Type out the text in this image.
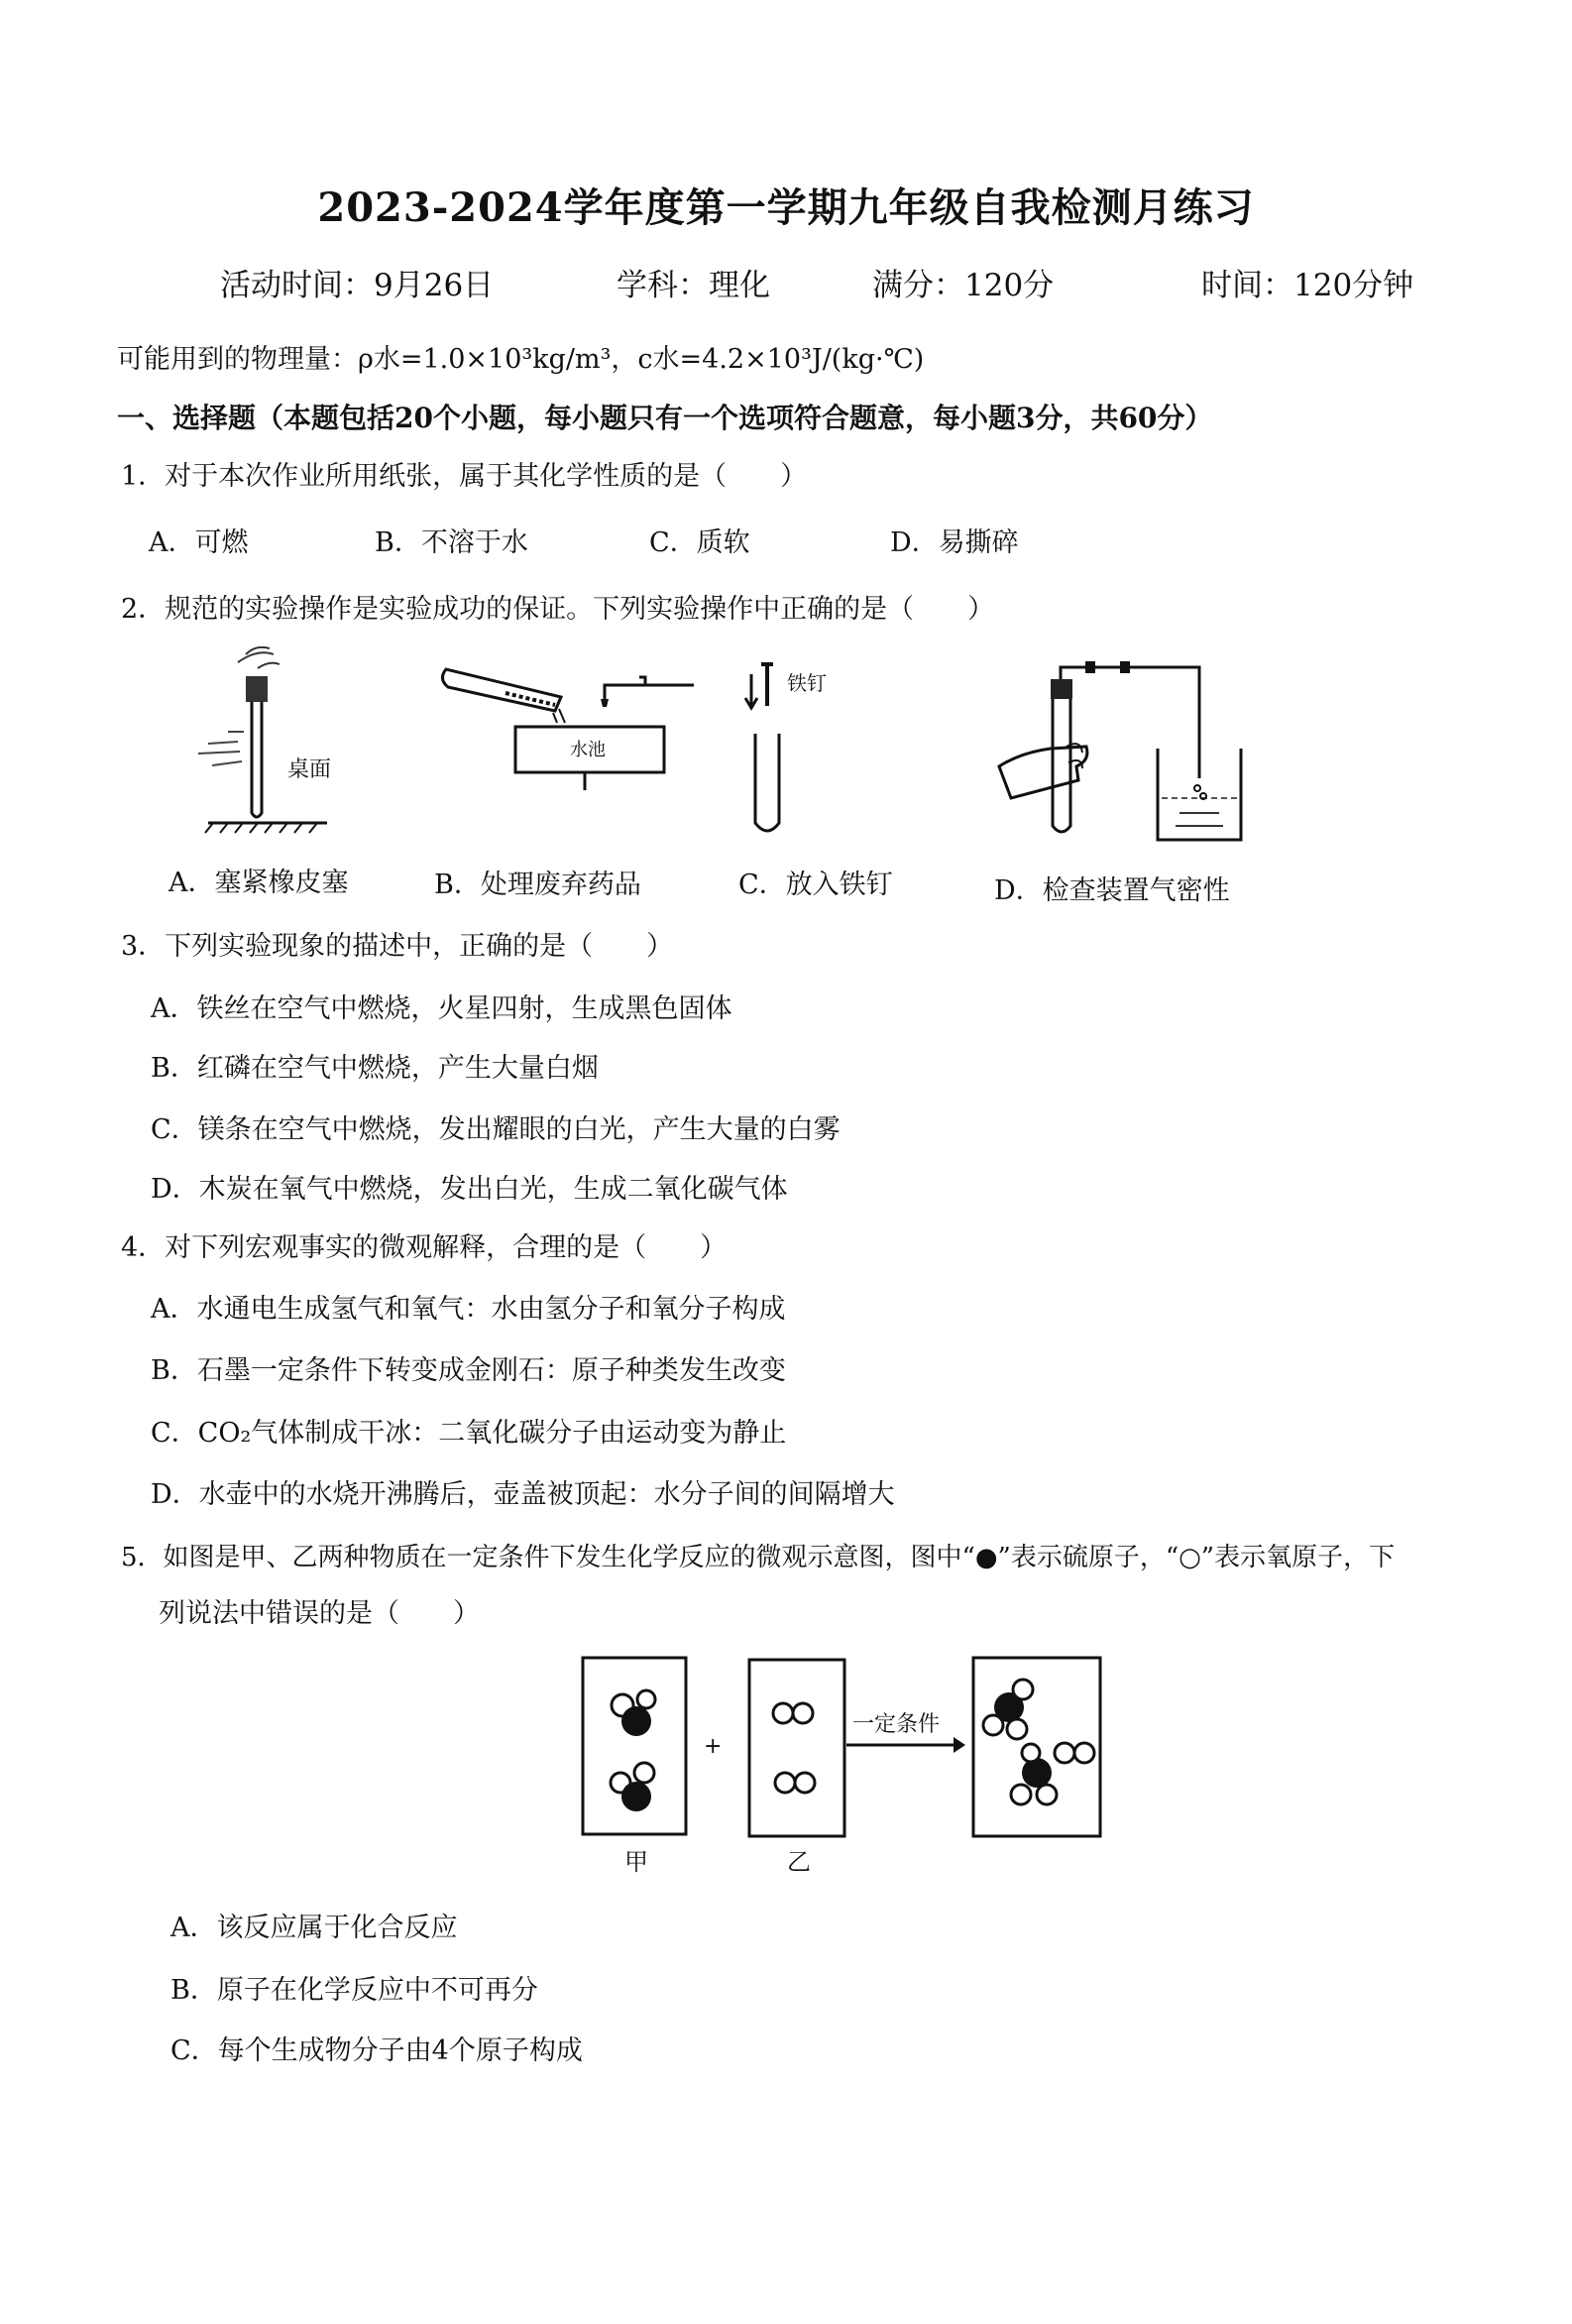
2023-2024学年度第一学期九年级自我检测月练习
活动时间：9月26日	学科：理化	满分：120分	时间：120分钟
可能用到的物理量：ρ水=1.0×10³kg/m³，c水=4.2×10³J/(kg·℃)
一、选择题（本题包括20个小题，每小题只有一个选项符合题意，每小题3分，共60分）
1．对于本次作业所用纸张，属于其化学性质的是（　　）
A．可燃	B．不溶于水	C．质软	D．易撕碎
2．规范的实验操作是实验成功的保证。下列实验操作中正确的是（　　）
桌面
水池
铁钉
A．塞紧橡皮塞	B．处理废弃药品	C．放入铁钉	D．检查装置气密性
3．下列实验现象的描述中，正确的是（　　）
A．铁丝在空气中燃烧，火星四射，生成黑色固体
B．红磷在空气中燃烧，产生大量白烟
C．镁条在空气中燃烧，发出耀眼的白光，产生大量的白雾
D．木炭在氧气中燃烧，发出白光，生成二氧化碳气体
4．对下列宏观事实的微观解释，合理的是（　　）
A．水通电生成氢气和氧气：水由氢分子和氧分子构成
B．石墨一定条件下转变成金刚石：原子种类发生改变
C．CO₂气体制成干冰：二氧化碳分子由运动变为静止
D．水壶中的水烧开沸腾后，壶盖被顶起：水分子间的间隔增大
5．如图是甲、乙两种物质在一定条件下发生化学反应的微观示意图，图中“●”表示硫原子，“○”表示氧原子，下
列说法中错误的是（　　）
+
一定条件
甲	乙
A．该反应属于化合反应
B．原子在化学反应中不可再分
C．每个生成物分子由4个原子构成
